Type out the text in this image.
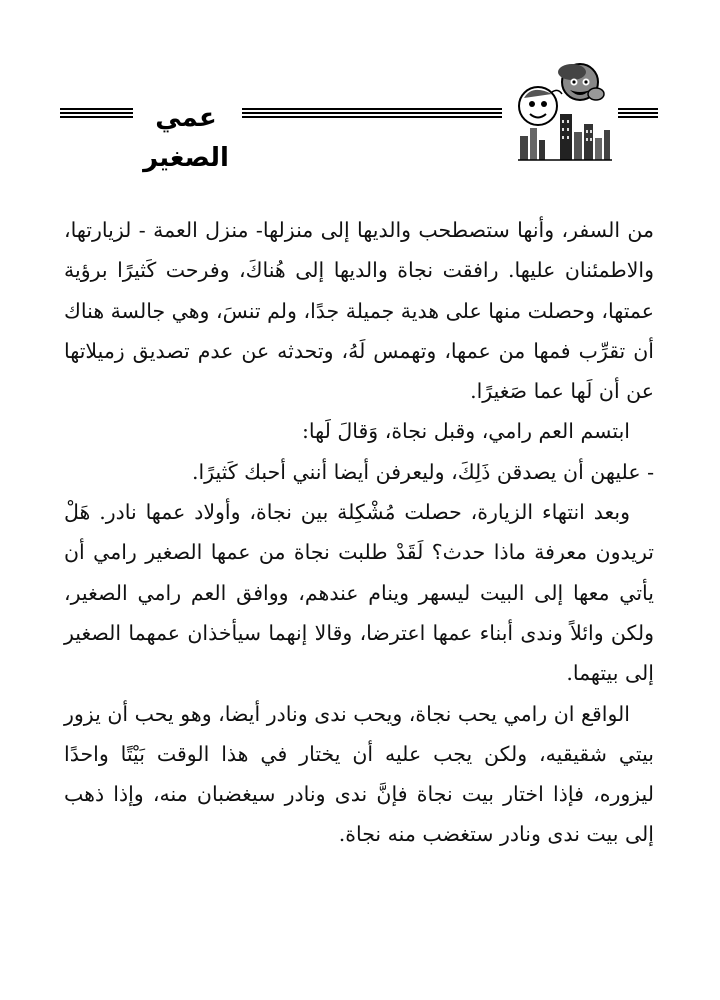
عمي الصغير

من السفر، وأنها ستصطحب والديها إلى منزلها- منزل العمة - لزيارتها، والاطمئنان عليها. رافقت نجاة والديها إلى هُناكَ، وفرحت كَثيرًا برؤية عمتها، وحصلت منها على هدية جميلة جدًا، ولم تنسَ، وهي جالسة هناك أن تقرِّب فمها من عمها، وتهمس لَهُ، وتحدثه عن عدم تصديق زميلاتها عن أن لَها عما صَغيرًا.

ابتسم العم رامي، وقبل نجاة، وَقالَ لَها:

- عليهن أن يصدقن ذَلِكَ، وليعرفن أيضا أنني أحبك كَثيرًا.

وبعد انتهاء الزيارة، حصلت مُشْكِلة بين نجاة، وأولاد عمها نادر. هَلْ تريدون معرفة ماذا حدث؟ لَقَدْ طلبت نجاة من عمها الصغير رامي أن يأتي معها إلى البيت ليسهر وينام عندهم، ووافق العم رامي الصغير، ولكن وائلاً وندى أبناء عمها اعترضا، وقالا إنهما سيأخذان عمهما الصغير إلى بيتهما.

الواقع ان رامي يحب نجاة، ويحب ندى ونادر أيضا، وهو يحب أن يزور بيتي شقيقيه، ولكن يجب عليه أن يختار في هذا الوقت بَيْتًا واحدًا ليزوره، فإذا اختار بيت نجاة فإنَّ ندى ونادر سيغضبان منه، وإذا ذهب إلى بيت ندى ونادر ستغضب منه نجاة.
